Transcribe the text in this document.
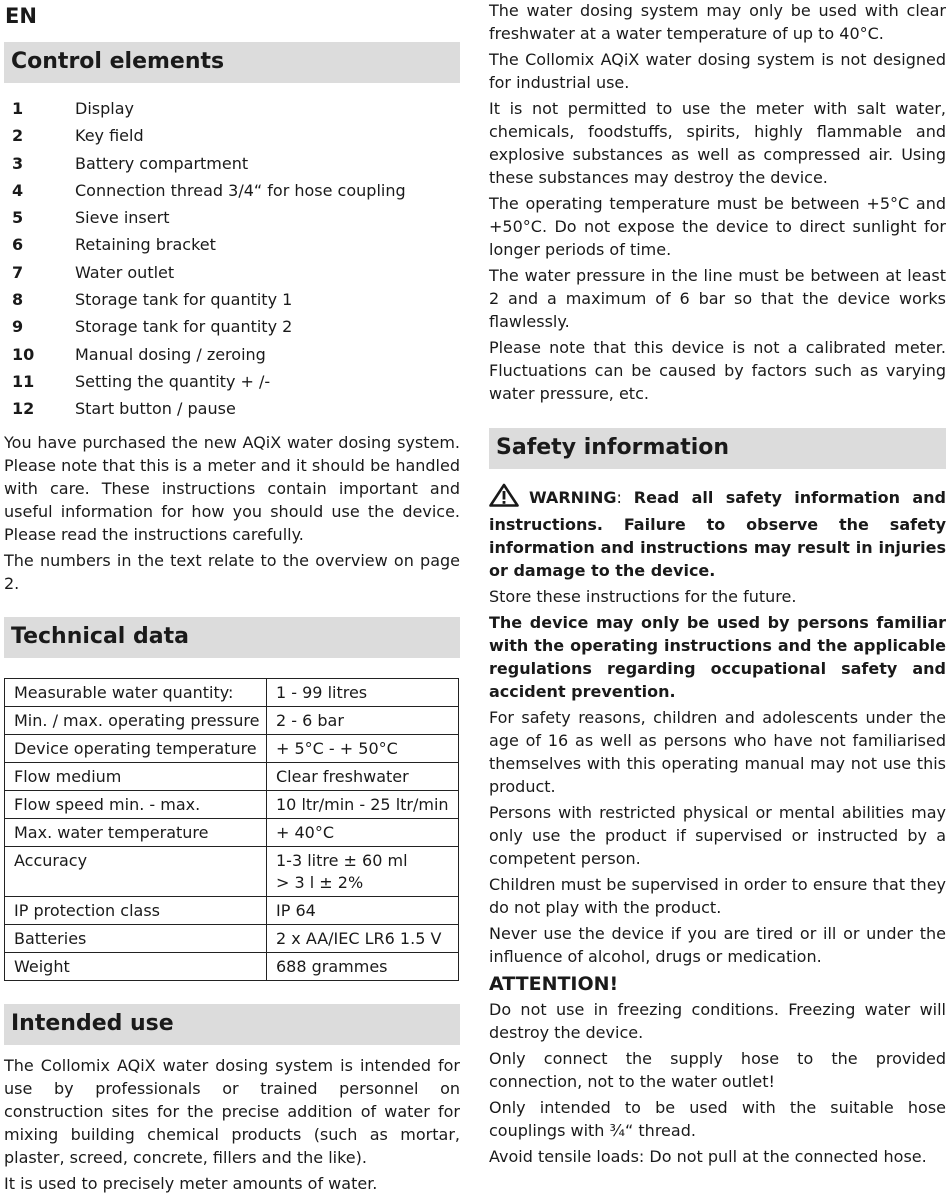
EN
Control elements
1	Display
2	Key field
3	Battery compartment
4	Connection thread 3/4“ for hose coupling
5	Sieve insert
6	Retaining bracket
7	Water outlet
8	Storage tank for quantity 1
9	Storage tank for quantity 2
10	Manual dosing / zeroing
11	Setting the quantity + /-
12	Start button / pause

You have purchased the new AQiX water dosing system. Please note that this is a meter and it should be handled with care. These instructions contain important and useful information for how you should use the device. Please read the instructions carefully.

The numbers in the text relate to the overview on page 2.

Technical data
Measurable water quantity:	1 - 99 litres
Min. / max. operating pressure	2 - 6 bar
Device operating temperature	+ 5°C - + 50°C
Flow medium	Clear freshwater
Flow speed min. - max.	10 ltr/min - 25 ltr/min
Max. water temperature	+ 40°C
Accuracy	1-3 litre ± 60 ml
> 3 l ± 2%

IP protection class	IP 64
Batteries	2 x AA/IEC LR6 1.5 V
Weight	688 grammes
Intended use

The Collomix AQiX water dosing system is intended for use by professionals or trained personnel on construction sites for the precise addition of water for mixing building chemical products (such as mortar, plaster, screed, concrete, fillers and the like).

It is used to precisely meter amounts of water.

The water dosing system may only be used with clear freshwater at a water temperature of up to 40°C.

The Collomix AQiX water dosing system is not designed for industrial use.

It is not permitted to use the meter with salt water, chemicals, foodstuffs, spirits, highly flammable and explosive substances as well as compressed air. Using these substances may destroy the device.

The operating temperature must be between +5°C and +50°C. Do not expose the device to direct sunlight for longer periods of time.

The water pressure in the line must be between at least 2 and a maximum of 6 bar so that the device works flawlessly.

Please note that this device is not a calibrated meter. Fluctuations can be caused by factors such as varying water pressure, etc.

Safety information

WARNING: Read all safety information and instructions. Failure to observe the safety information and instructions may result in injuries or damage to the device.

Store these instructions for the future.

The device may only be used by persons familiar with the operating instructions and the applicable regulations regarding occupational safety and accident prevention.

For safety reasons, children and adolescents under the age of 16 as well as persons who have not familiarised themselves with this operating manual may not use this product.

Persons with restricted physical or mental abilities may only use the product if supervised or instructed by a competent person.

Children must be supervised in order to ensure that they do not play with the product.

Never use the device if you are tired or ill or under the influence of alcohol, drugs or medication.

ATTENTION!

Do not use in freezing conditions. Freezing water will destroy the device.

Only connect the supply hose to the provided connection, not to the water outlet!

Only intended to be used with the suitable hose couplings with ¾“ thread.

Avoid tensile loads: Do not pull at the connected hose.
